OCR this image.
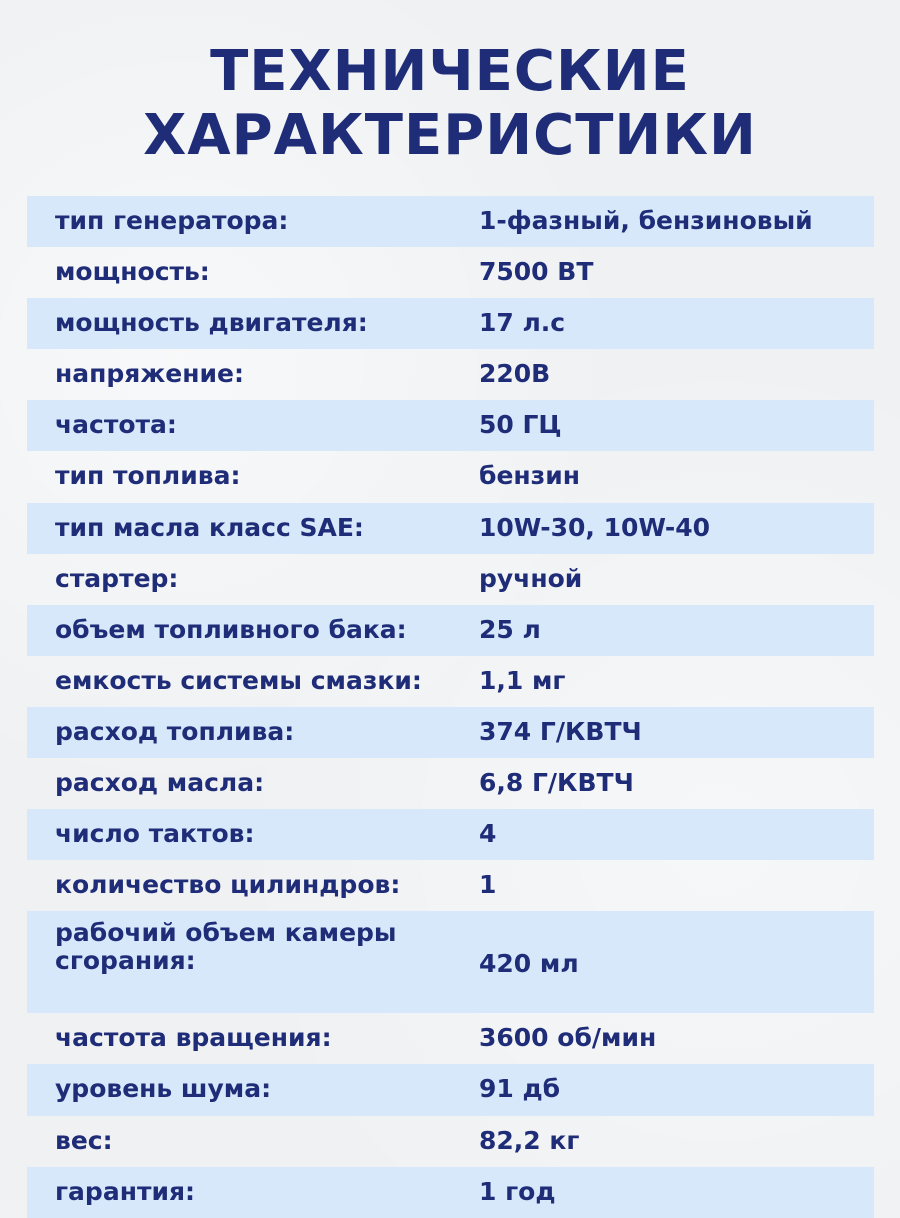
ТЕХНИЧЕСКИЕ
ХАРАКТЕРИСТИКИ
тип генератора:	1-фазный, бензиновый
мощность:	7500 ВТ
мощность двигателя:	17 л.с
напряжение:	220В
частота:	50 ГЦ
тип топлива:	бензин
тип масла класс SAE:	10W-30, 10W-40
стартер:	ручной
объем топливного бака:	25 л
емкость системы смазки: 1,1 мг
расход топлива:	374 Г/КВТЧ
расход масла:	6,8 Г/КВТЧ
число тактов:	4
количество цилиндров:	1
рабочий объем камеры сгорания:	420 мл
частота вращения:	3600 об/мин
уровень шума:	91 дб
вес:	82,2 кг
гарантия:	1 год
